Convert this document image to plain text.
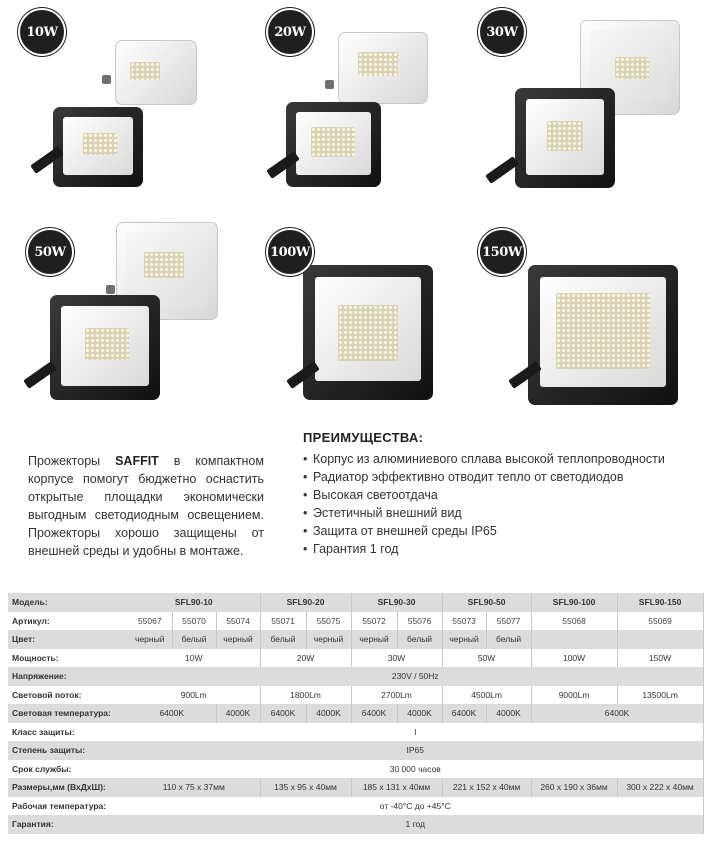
10W	20W	30W
50W	100W	150W
Прожекторы SAFFIT в компактном корпусе помогут бюджетно оснастить открытые площадки экономически выгодным светодиодным освещением. Прожекторы хорошо защищены от внешней среды и удобны в монтаже.
ПРЕИМУЩЕСТВА:
• Корпус из алюминиевого сплава высокой теплопроводности
• Радиатор эффективно отводит тепло от светодиодов
• Высокая светоотдача
• Эстетичный внешний вид
• Защита от внешней среды IP65
• Гарантия 1 год
Модель:	SFL90-10			SFL90-20		SFL90-30		SFL90-50		SFL90-100	SFL90-150
Артикул:	55067	55070	55074	55071	55075	55072	55076	55073	55077	55068	55069
Цвет:	черный	белый	черный	белый	черный	черный	белый	черный	белый		
Мощность:	10W			20W		30W		50W		100W	150W
Напряжение:	230V / 50Hz										
Световой поток:	900Lm			1800Lm		2700Lm		4500Lm		9000Lm	13500Lm
Световая температура:	6400K		4000K	6400K	4000K	6400K	4000K	6400K	4000K	6400K	
Класс защиты:	I										
Степень защиты:	IP65										
Срок службы:	30 000 часов										
Размеры,мм (ВхДхШ):	110 x 75 x 37мм			135 x 95 x 40мм		185 x 131 x 40мм		221 x 152 x 40мм		260 x 190 x 36мм	300 x 222 x 40мм
Рабочая температура:	от -40°С до +45°С										
Гарантия:	1 год										
